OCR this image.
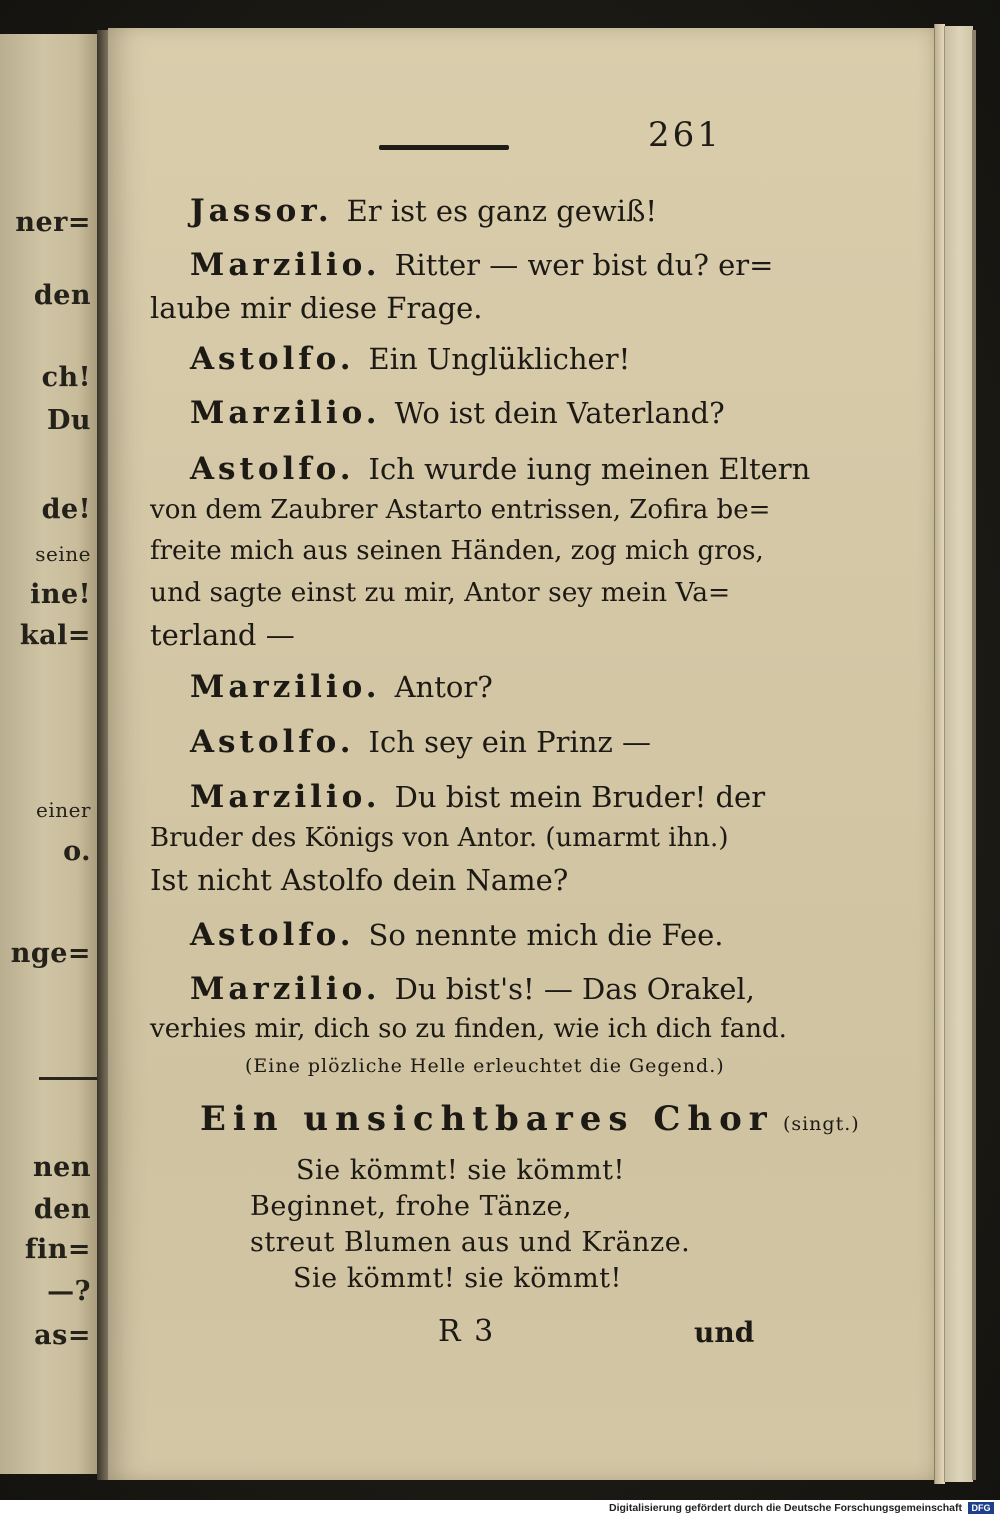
ner=
den
ch!
Du
de!
seine
ine!
kal=
einer
o.
nge=
nen
den
fin=
—?
as=
261
Jassor. Er ist es ganz gewiß!
Marzilio. Ritter — wer bist du? er=
laube mir diese Frage.
Astolfo. Ein Unglüklicher!
Marzilio. Wo ist dein Vaterland?
Astolfo. Ich wurde iung meinen Eltern
von dem Zaubrer Astarto entrissen, Zofira be=
freite mich aus seinen Händen, zog mich gros,
und sagte einst zu mir, Antor sey mein Va=
terland —
Marzilio. Antor?
Astolfo. Ich sey ein Prinz —
Marzilio. Du bist mein Bruder! der
Bruder des Königs von Antor. (umarmt ihn.)
Ist nicht Astolfo dein Name?
Astolfo. So nennte mich die Fee.
Marzilio. Du bist's! — Das Orakel,
verhies mir, dich so zu finden, wie ich dich fand.
(Eine plözliche Helle erleuchtet die Gegend.)
Ein unsichtbares Chor (singt.)
Sie kömmt! sie kömmt!
Beginnet, frohe Tänze,
streut Blumen aus und Kränze.
Sie kömmt! sie kömmt!
R 3	und
Digitalisierung gefördert durch die Deutsche Forschungsgemeinschaft	DFG
